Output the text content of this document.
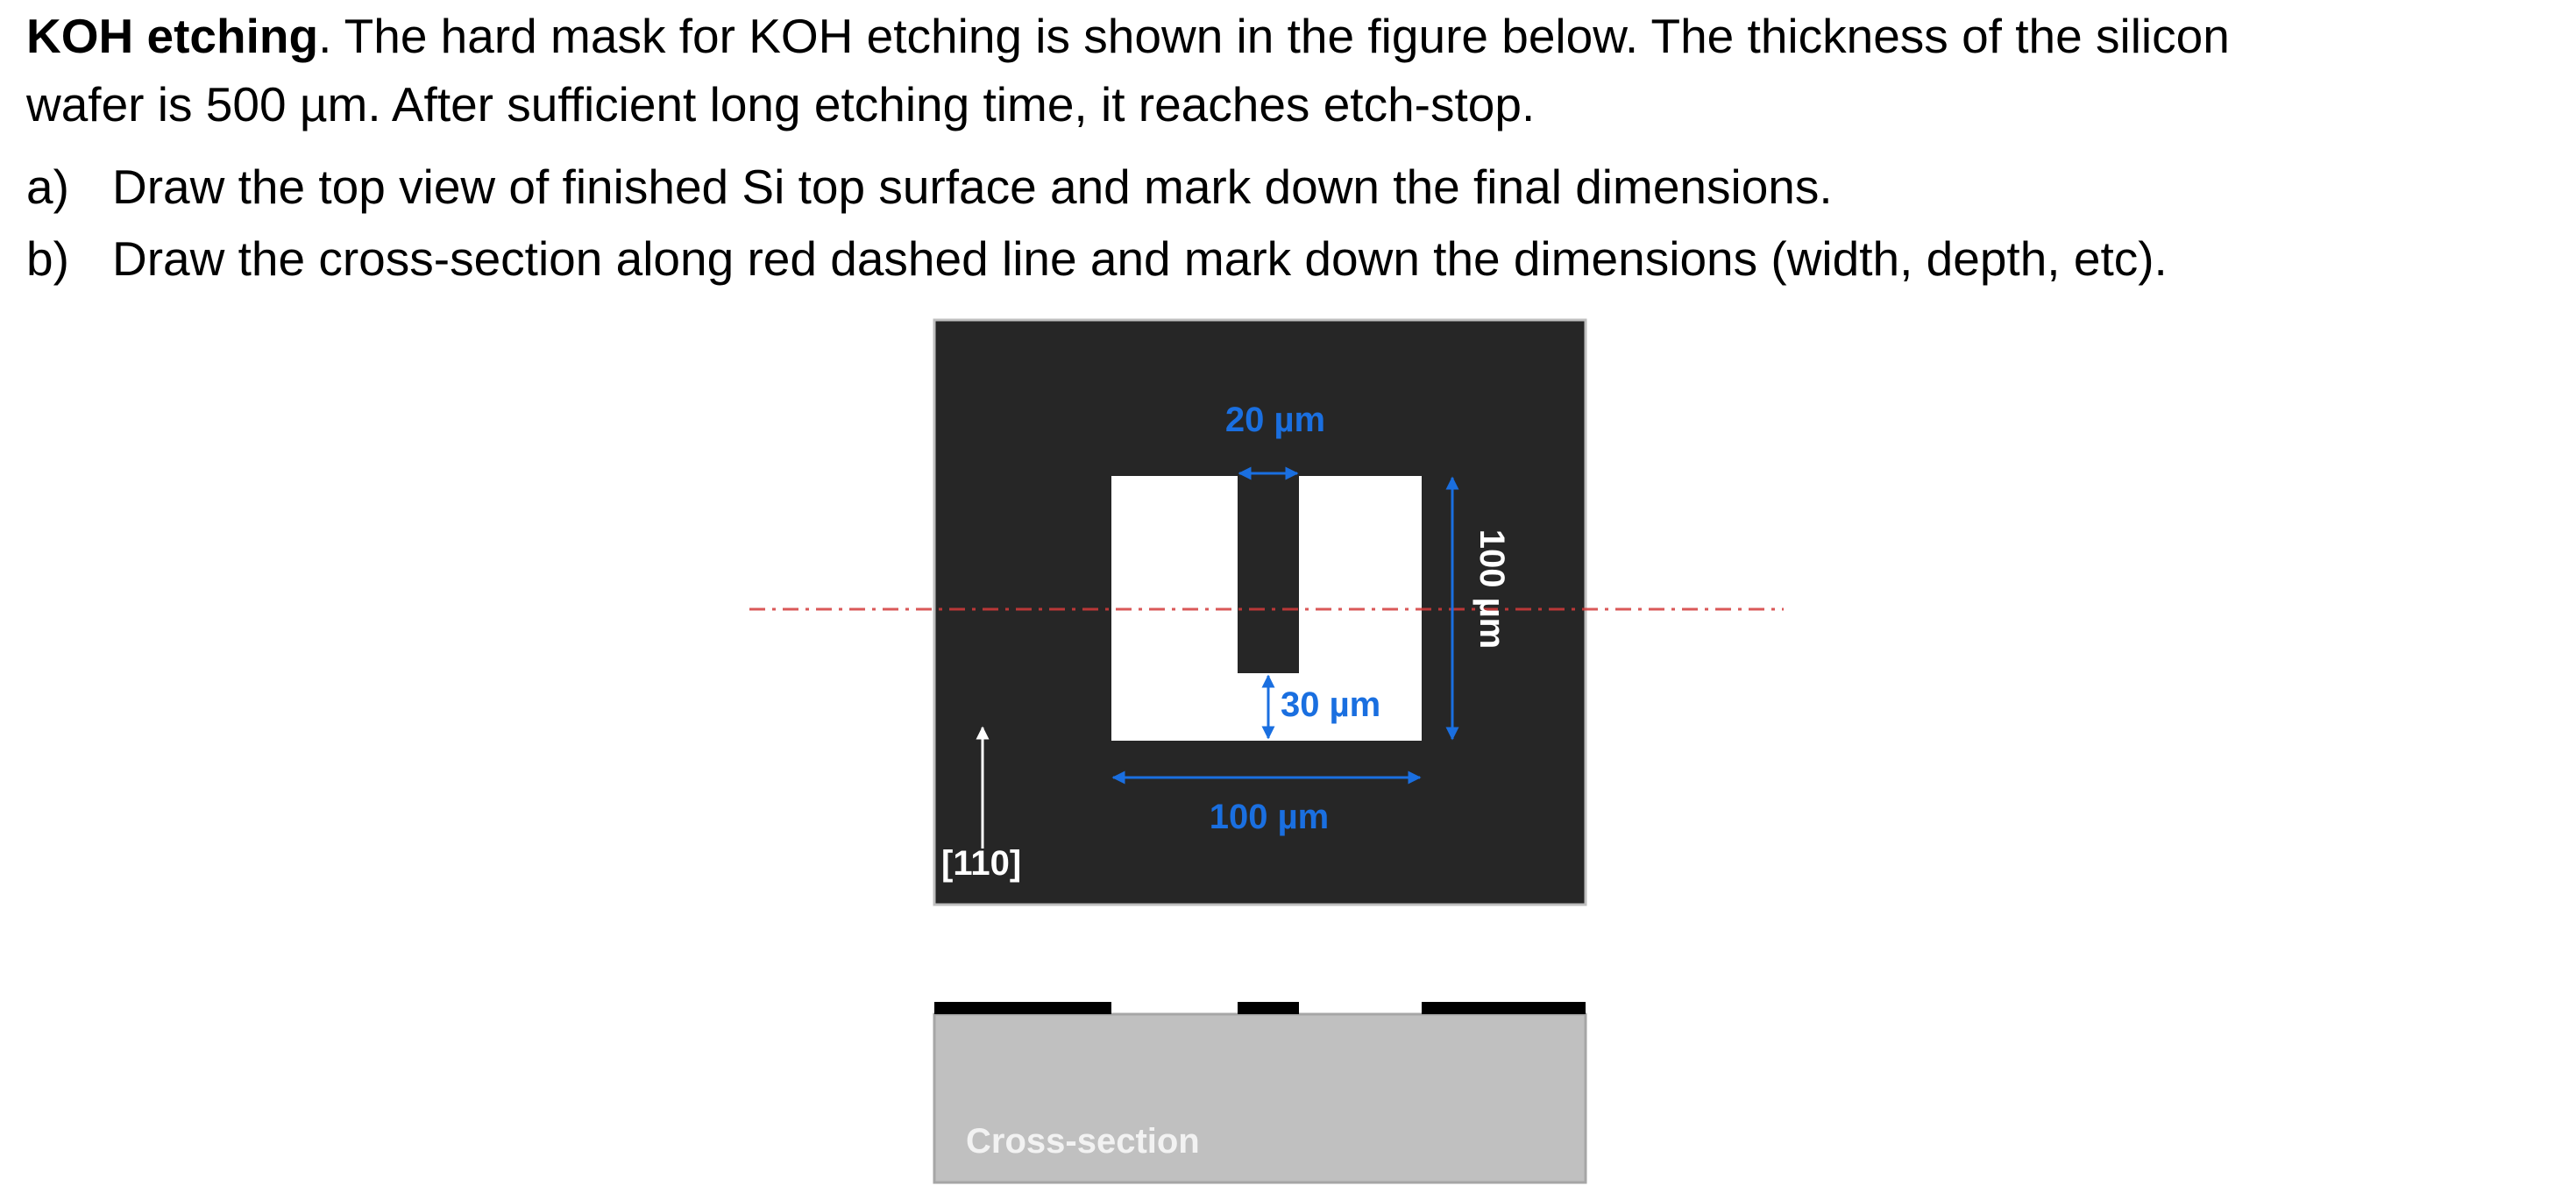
KOH etching. The hard mask for KOH etching is shown in the figure below. The thickness of the silicon

wafer is 500 µm. After sufficient long etching time, it reaches etch-stop.

a) Draw the top view of finished Si top surface and mark down the final dimensions.
b) Draw the cross-section along red dashed line and mark down the dimensions (width, depth, etc).
20 µm
30 µm
100 µm
100 µm
[110]
Cross-section
